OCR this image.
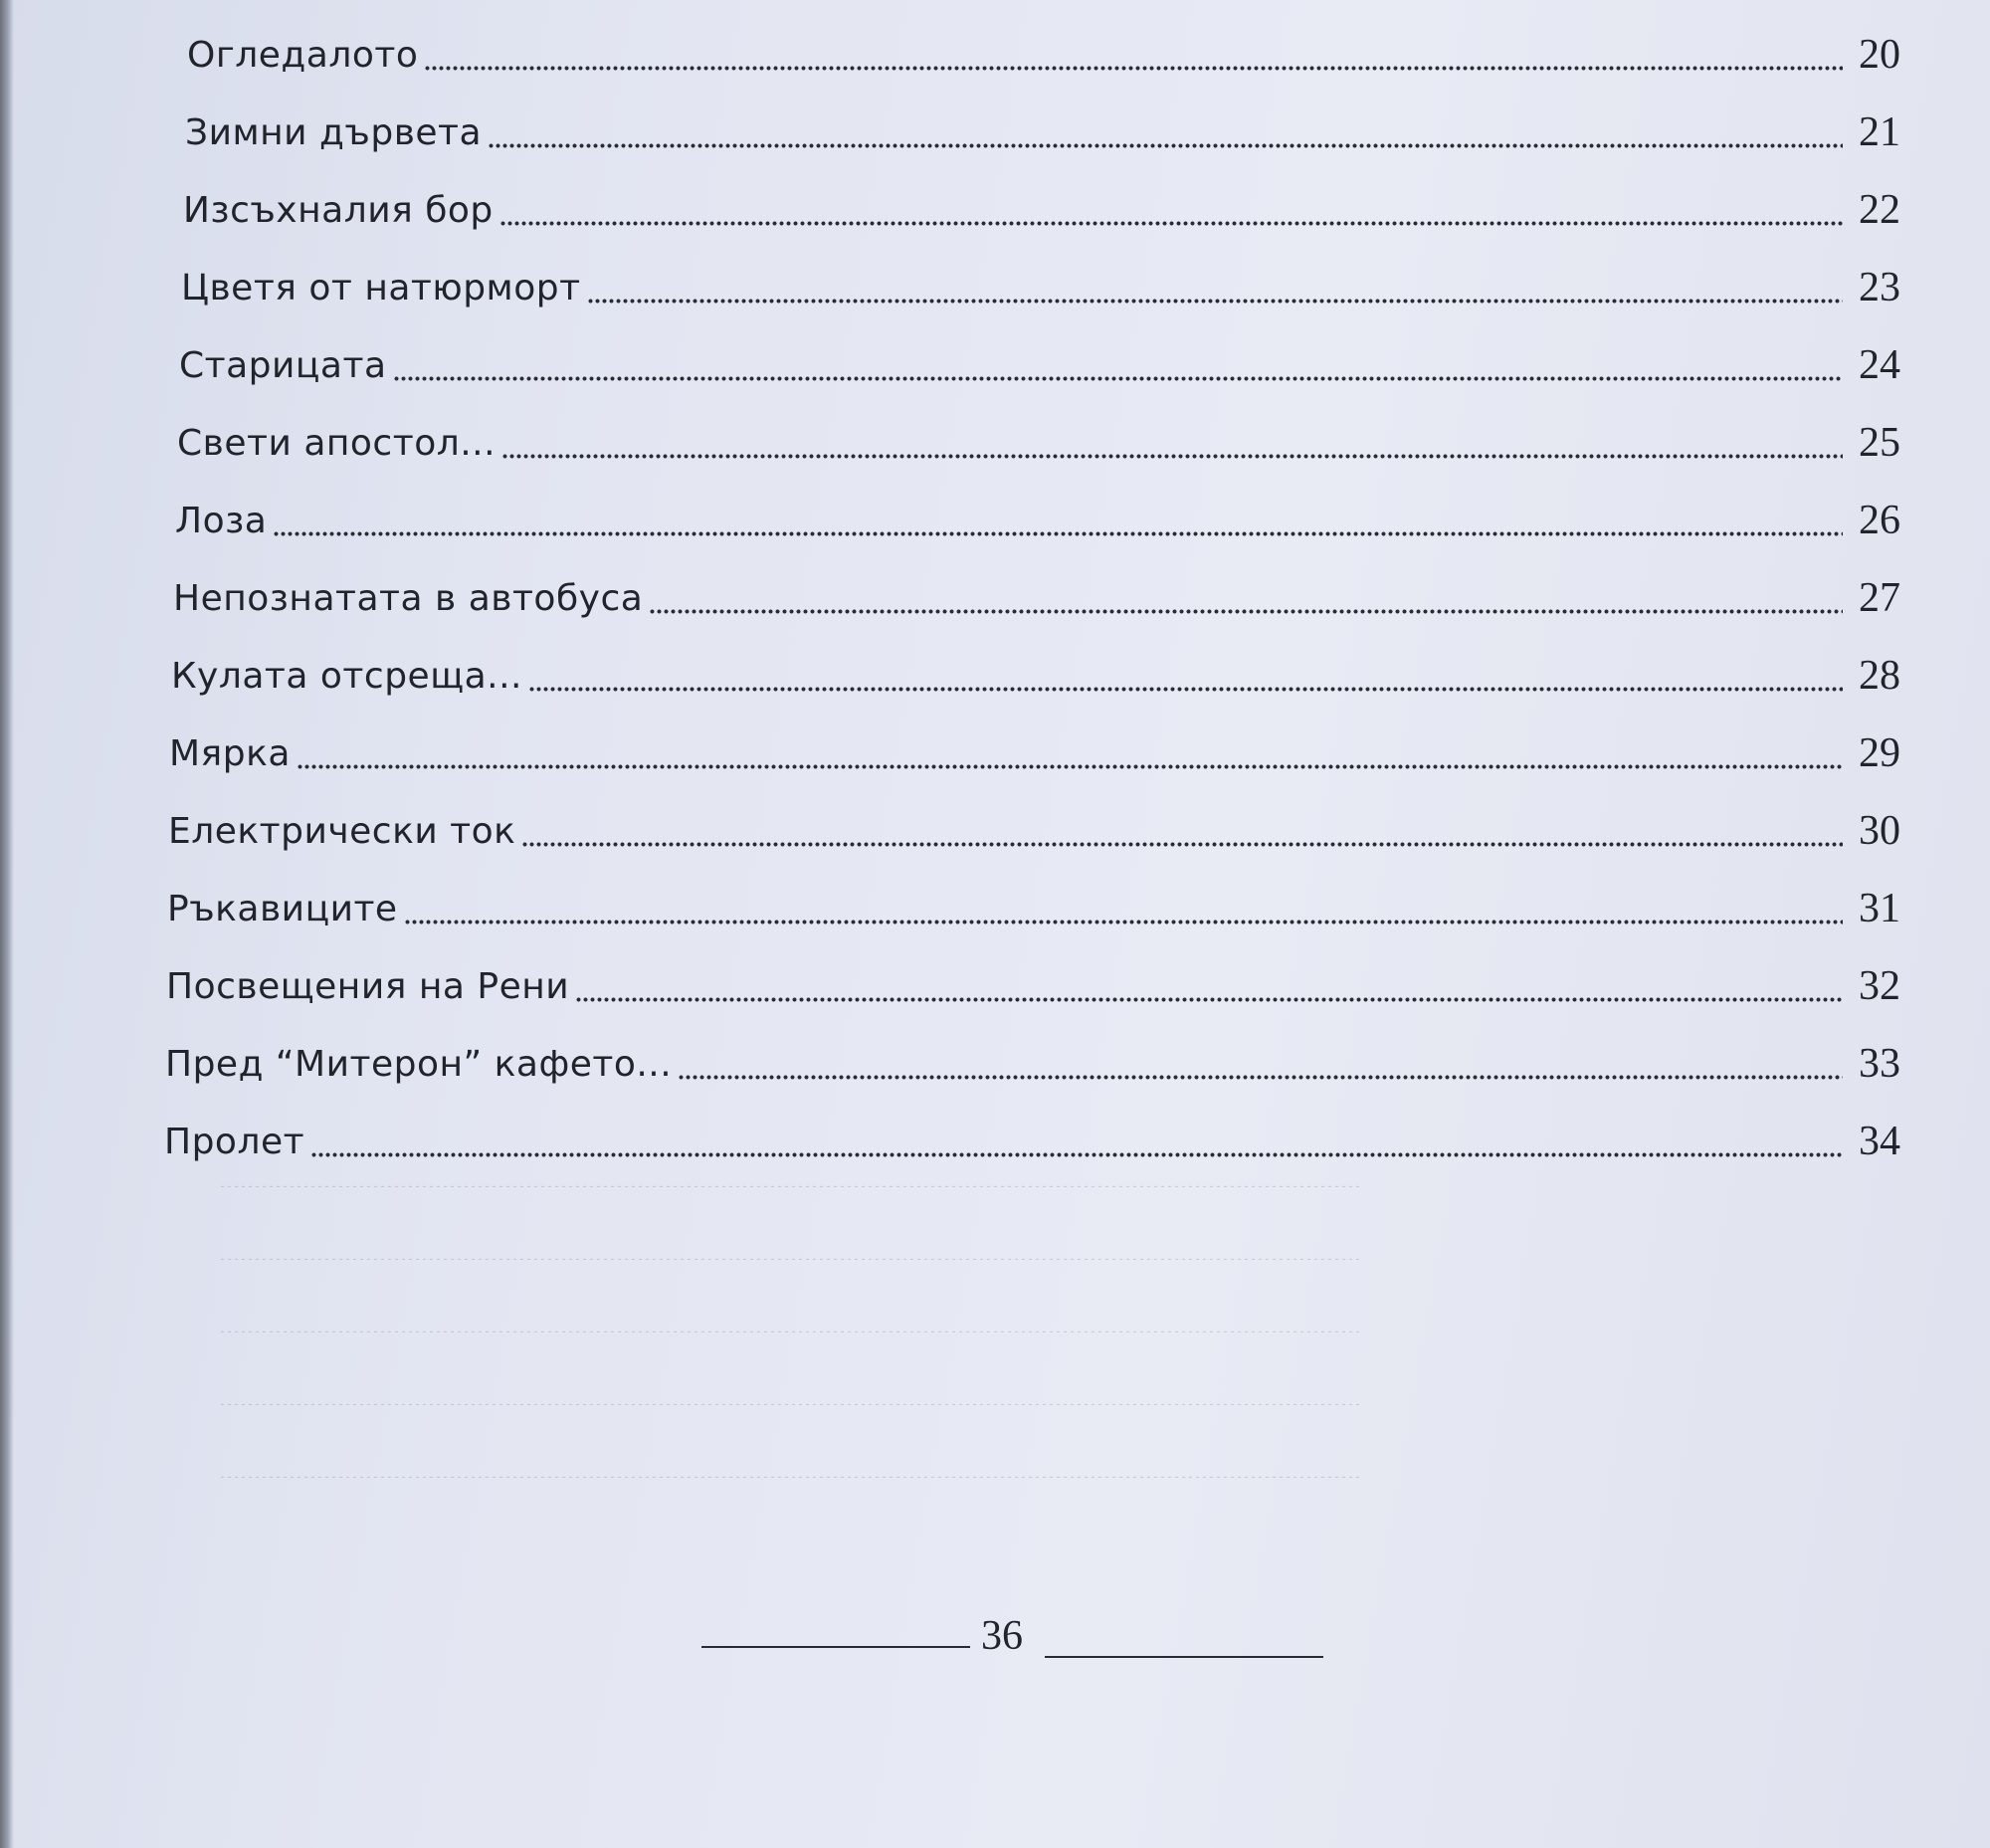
Огледалото	20
Зимни дървета	21
Изсъхналия бор	22
Цветя от натюрморт	23
Старицата	24
Свети апостол...	25
Лоза	26
Непознатата в автобуса	27
Кулата отсреща...	28
Мярка	29
Електрически ток	30
Ръкавиците	31
Посвещения на Рени	32
Пред “Митерон” кафето...	33
Пролет	34
36
